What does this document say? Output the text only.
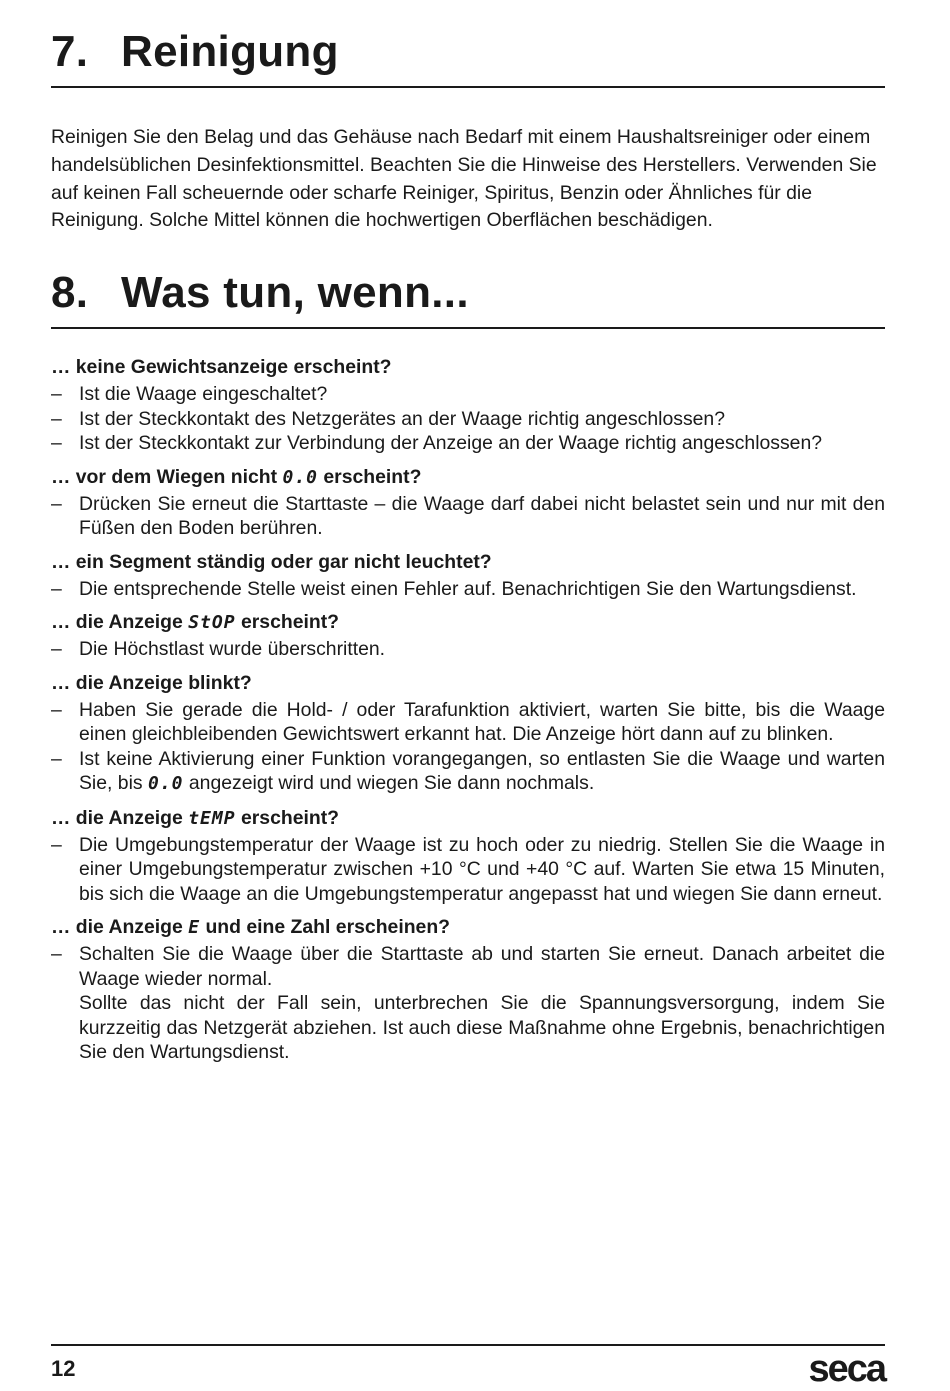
7. Reinigung

Reinigen Sie den Belag und das Gehäuse nach Bedarf mit einem Haushaltsreiniger oder einem handelsüblichen Desinfektionsmittel. Beachten Sie die Hinweise des Herstellers. Verwenden Sie auf keinen Fall scheuernde oder scharfe Reiniger, Spiritus, Benzin oder Ähnliches für die Reinigung. Solche Mittel können die hochwertigen Oberflächen beschädigen.

8. Was tun, wenn...

… keine Gewichtsanzeige erscheint?

– Ist die Waage eingeschaltet?
– Ist der Steckkontakt des Netzgerätes an der Waage richtig angeschlossen?
– Ist der Steckkontakt zur Verbindung der Anzeige an der Waage richtig angeschlossen?

… vor dem Wiegen nicht 0.0 erscheint?

– Drücken Sie erneut die Starttaste – die Waage darf dabei nicht belastet sein und nur mit den Füßen den Boden berühren.

… ein Segment ständig oder gar nicht leuchtet?

– Die entsprechende Stelle weist einen Fehler auf. Benachrichtigen Sie den Wartungsdienst.

… die Anzeige StOP erscheint?

– Die Höchstlast wurde überschritten.

… die Anzeige blinkt?

– Haben Sie gerade die Hold- / oder Tarafunktion aktiviert, warten Sie bitte, bis die Waage einen gleichbleibenden Gewichtswert erkannt hat. Die Anzeige hört dann auf zu blinken.
– Ist keine Aktivierung einer Funktion vorangegangen, so entlasten Sie die Waage und warten Sie, bis 0.0 angezeigt wird und wiegen Sie dann nochmals.

… die Anzeige tEMP erscheint?

– Die Umgebungstemperatur der Waage ist zu hoch oder zu niedrig. Stellen Sie die Waage in einer Umgebungstemperatur zwischen +10 °C und +40 °C auf. Warten Sie etwa 15 Minuten, bis sich die Waage an die Umgebungstemperatur angepasst hat und wiegen Sie dann erneut.

… die Anzeige E und eine Zahl erscheinen?

– Schalten Sie die Waage über die Starttaste ab und starten Sie erneut. Danach arbeitet die Waage wieder normal.
Sollte das nicht der Fall sein, unterbrechen Sie die Spannungsversorgung, indem Sie kurzzeitig das Netzgerät abziehen. Ist auch diese Maßnahme ohne Ergebnis, benachrichtigen Sie den Wartungsdienst.
12	seca
